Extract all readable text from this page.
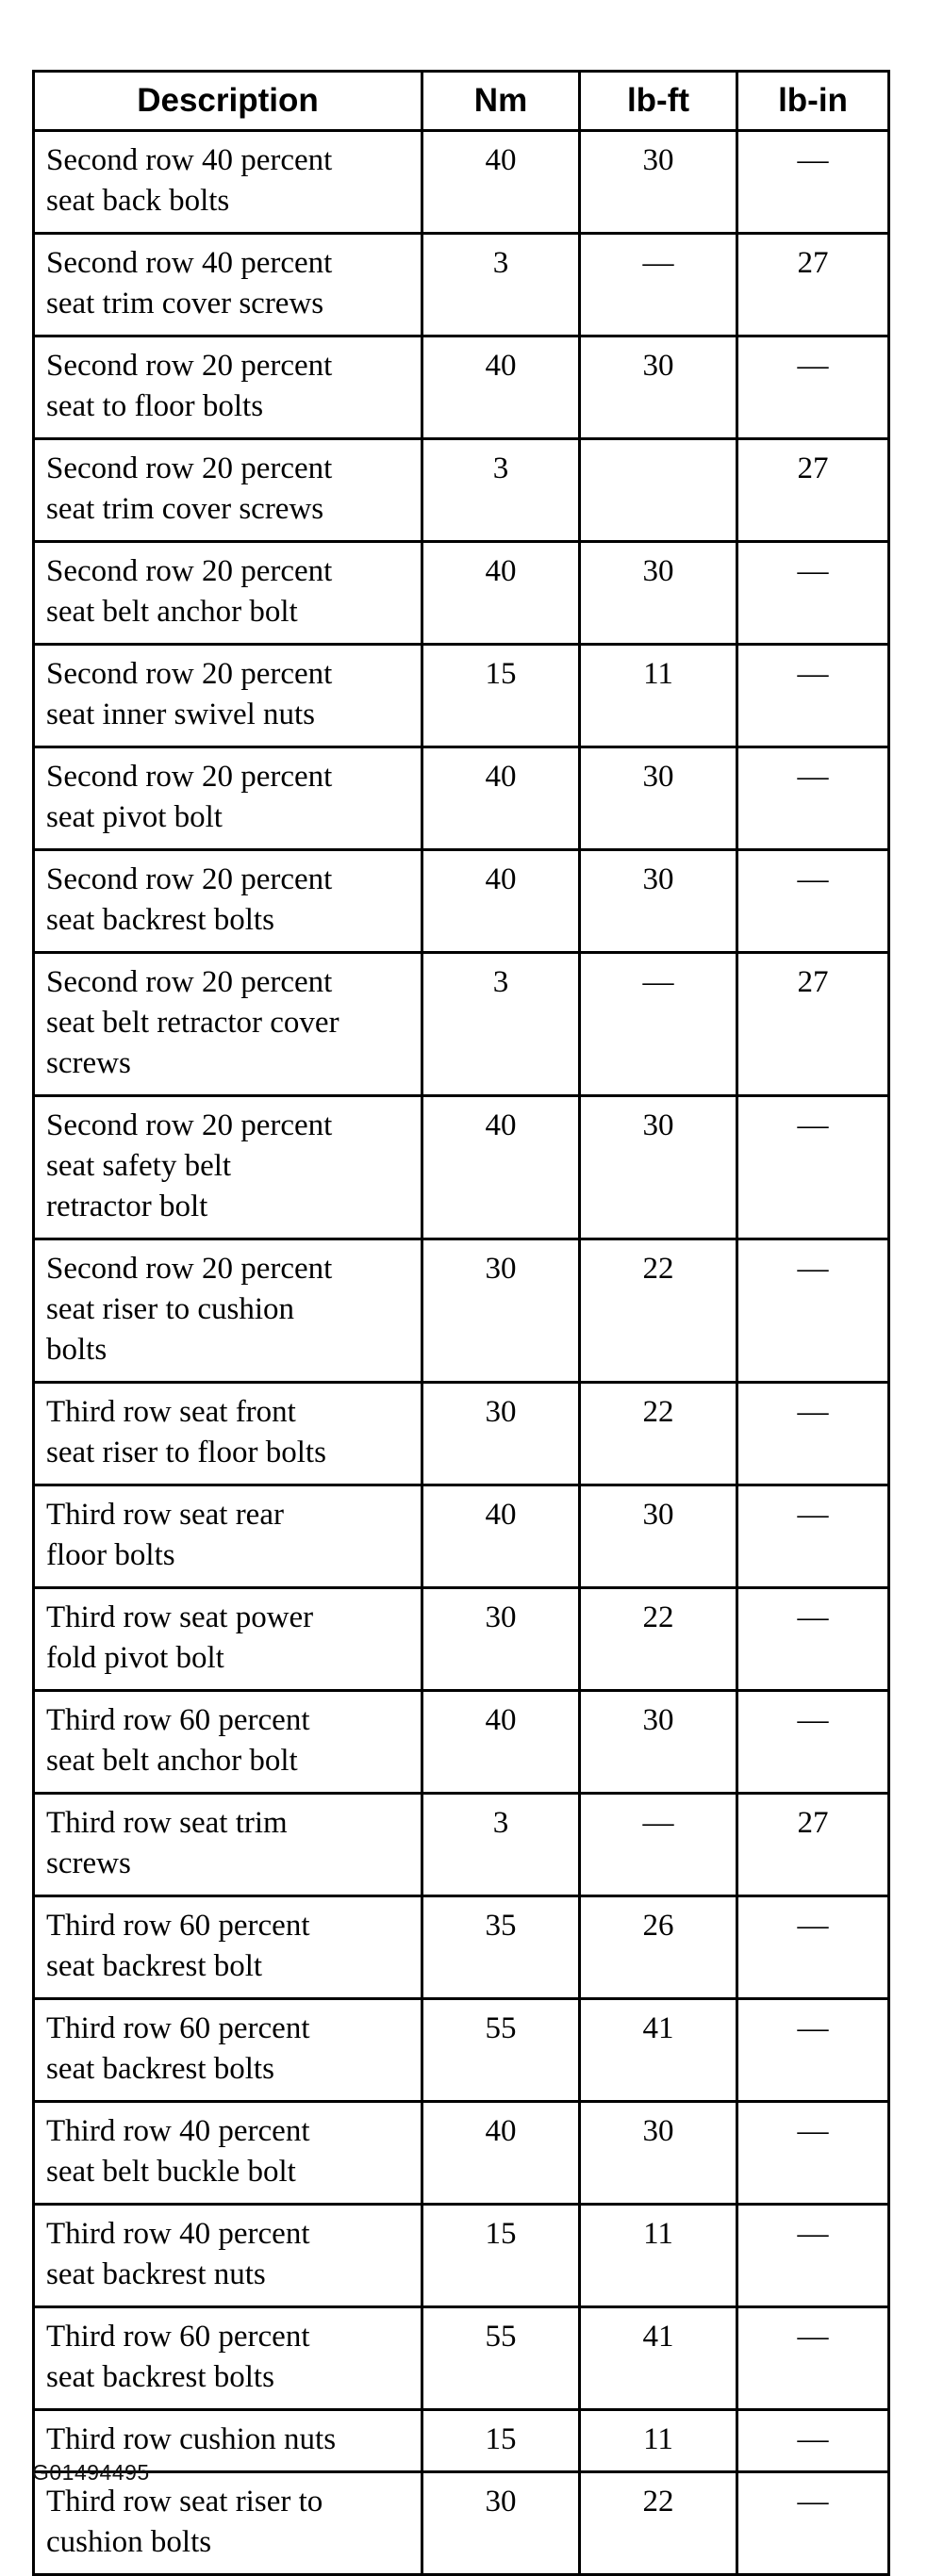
Description	Nm	lb-ft	lb-in
Second row 40 percent
seat back bolts	40	30	—
Second row 40 percent
seat trim cover screws	3	—	27
Second row 20 percent
seat to floor bolts	40	30	—
Second row 20 percent
seat trim cover screws	3		27
Second row 20 percent
seat belt anchor bolt	40	30	—
Second row 20 percent
seat inner swivel nuts	15	11	—
Second row 20 percent
seat pivot bolt	40	30	—
Second row 20 percent
seat backrest bolts	40	30	—
Second row 20 percent
seat belt retractor cover
screws	3	—	27
Second row 20 percent
seat safety belt
retractor bolt	40	30	—
Second row 20 percent
seat riser to cushion
bolts	30	22	—
Third row seat front
seat riser to floor bolts	30	22	—
Third row seat rear
floor bolts	40	30	—
Third row seat power
fold pivot bolt	30	22	—
Third row 60 percent
seat belt anchor bolt	40	30	—
Third row seat trim
screws	3	—	27
Third row 60 percent
seat backrest bolt	35	26	—
Third row 60 percent
seat backrest bolts	55	41	—
Third row 40 percent
seat belt buckle bolt	40	30	—
Third row 40 percent
seat backrest nuts	15	11	—
Third row 60 percent
seat backrest bolts	55	41	—
Third row cushion nuts	15	11	—
Third row seat riser to
cushion bolts	30	22	—
G01494495
